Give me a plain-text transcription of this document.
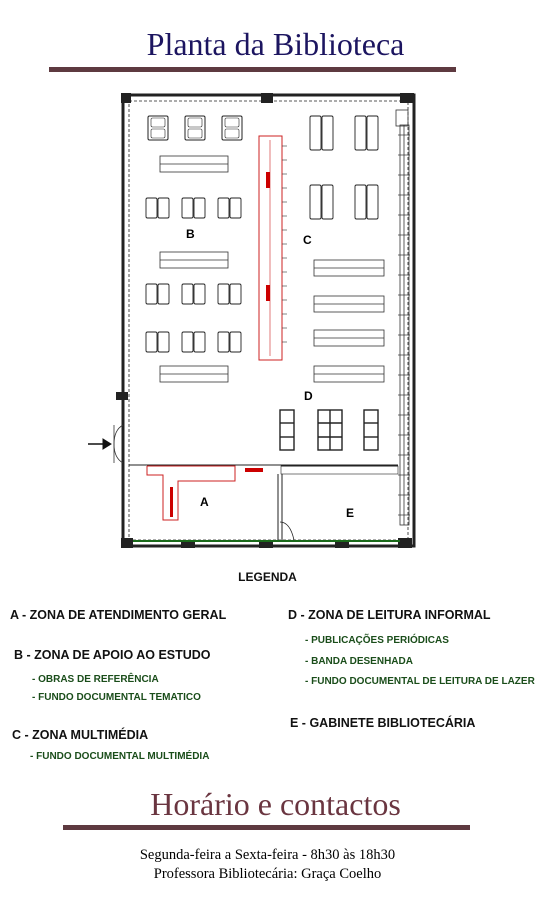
Planta da Biblioteca
B	C
D
A
E
LEGENDA
A - ZONA DE ATENDIMENTO GERAL
B - ZONA DE APOIO AO ESTUDO
- OBRAS DE REFERÊNCIA
- FUNDO DOCUMENTAL TEMATICO
C - ZONA MULTIMÉDIA
- FUNDO DOCUMENTAL MULTIMÉDIA
D - ZONA DE LEITURA INFORMAL
- PUBLICAÇÕES PERIÓDICAS
- BANDA DESENHADA
- FUNDO DOCUMENTAL DE LEITURA DE LAZER
E - GABINETE BIBLIOTECÁRIA
Horário e contactos
Segunda-feira a Sexta-feira - 8h30 às 18h30
Professora Bibliotecária: Graça Coelho
